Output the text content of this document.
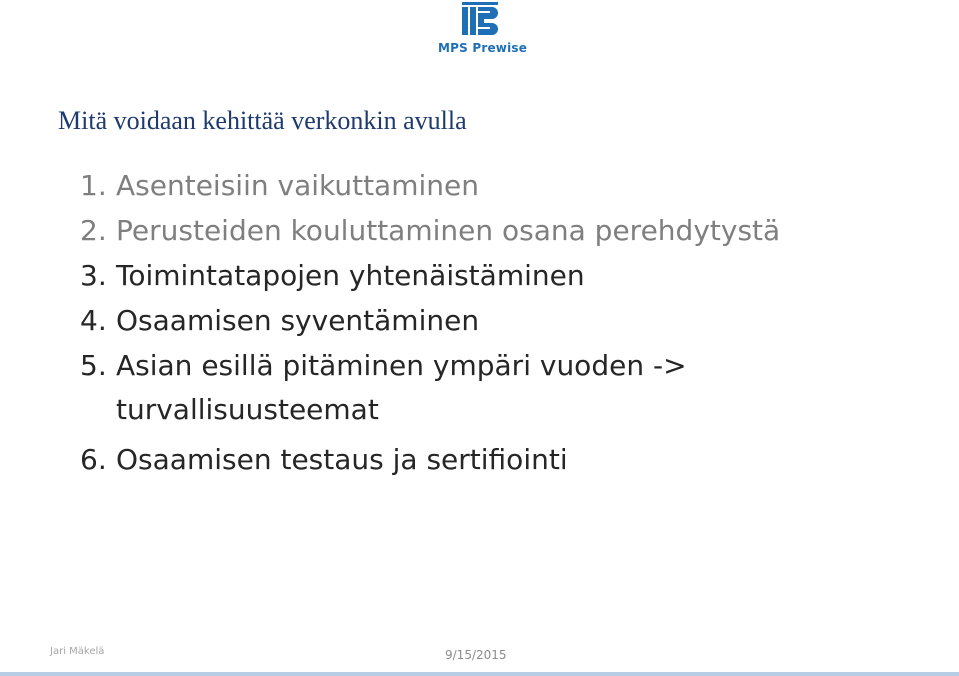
MPS Prewise
Mitä voidaan kehittää verkonkin avulla
1. Asenteisiin vaikuttaminen
2. Perusteiden kouluttaminen osana perehdytystä
3. Toimintatapojen yhtenäistäminen
4. Osaamisen syventäminen
5. Asian esillä pitäminen ympäri vuoden -> turvallisuusteemat
6. Osaamisen testaus ja sertifiointi
Jari Mäkelä	9/15/2015
